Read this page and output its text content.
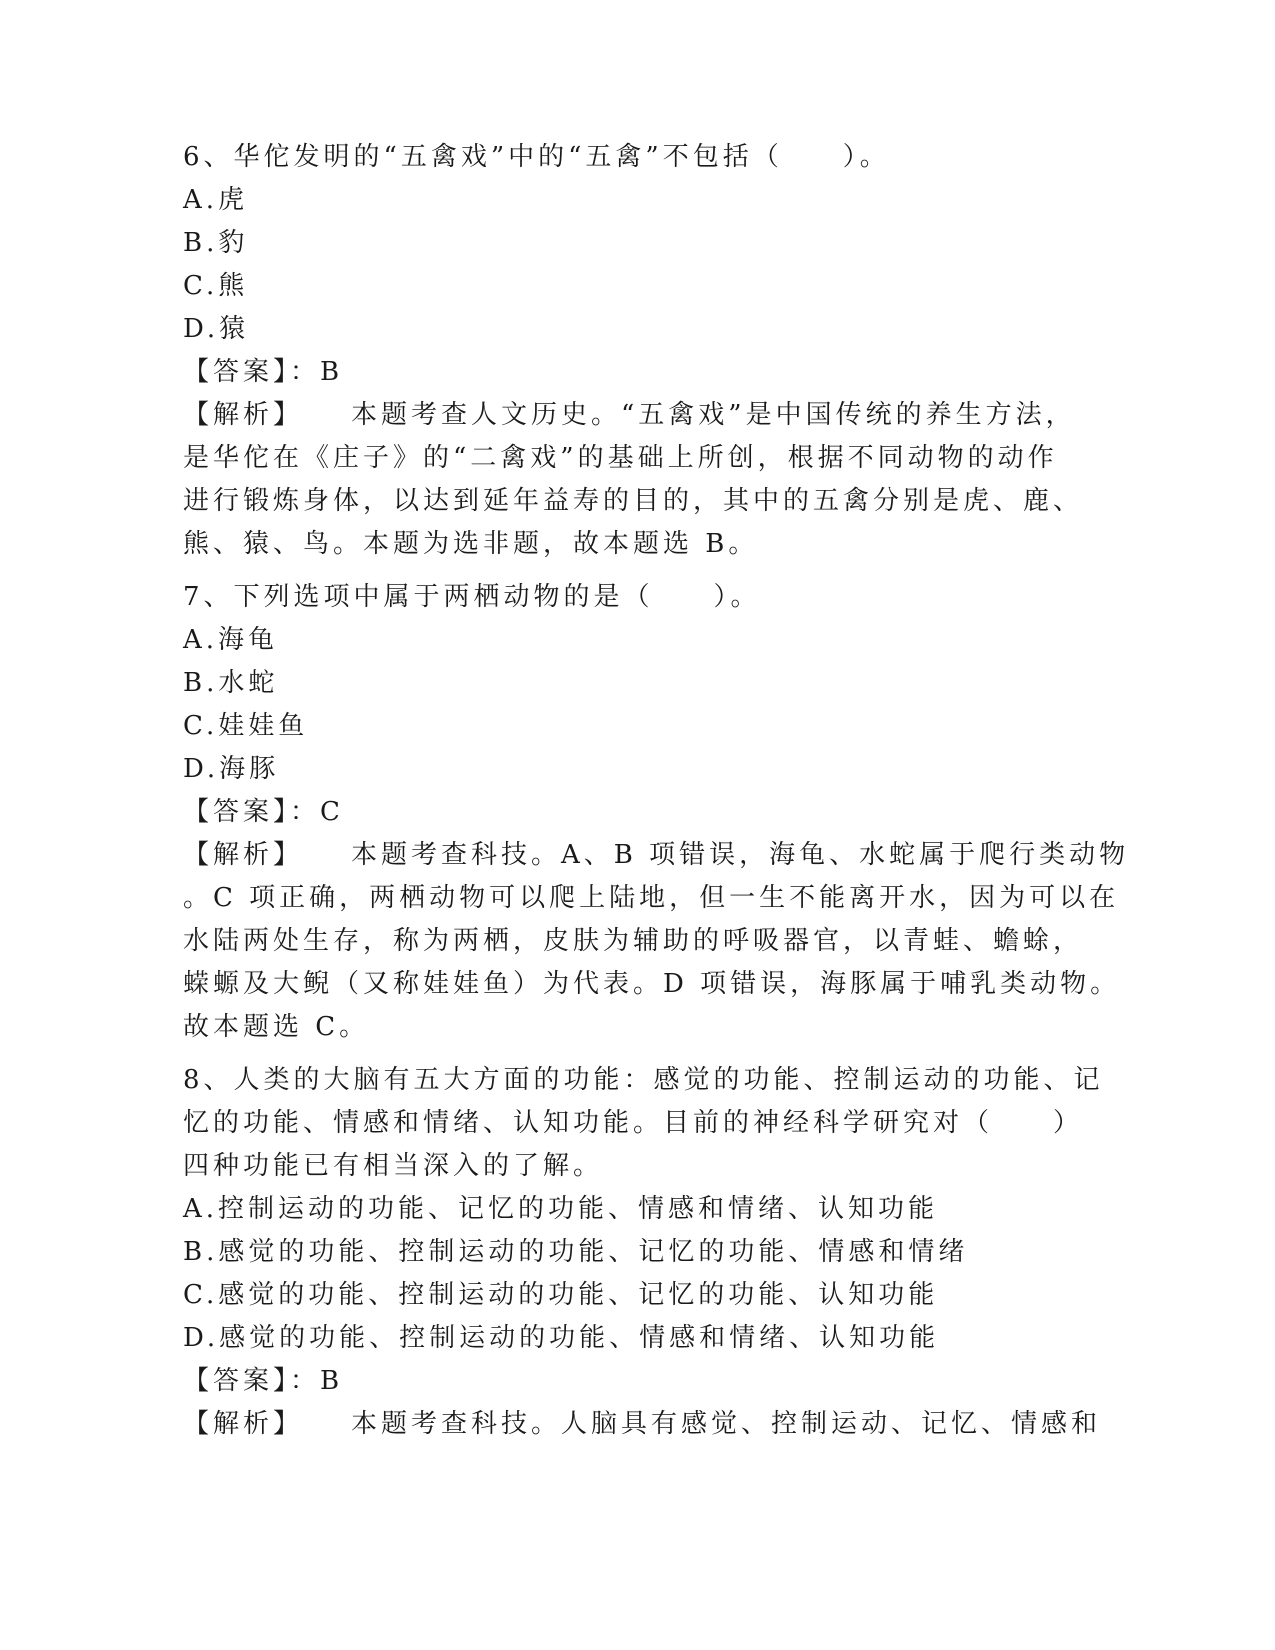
6、华佗发明的“五禽戏”中的“五禽”不包括（　　）。
A.虎
B.豹
C.熊
D.猿
【答案】：B
【解析】 本题考查人文历史。“五禽戏”是中国传统的养生方法，
是华佗在《庄子》的“二禽戏”的基础上所创，根据不同动物的动作
进行锻炼身体，以达到延年益寿的目的，其中的五禽分别是虎、鹿、
熊、猿、鸟。本题为选非题，故本题选 B。
7、下列选项中属于两栖动物的是（　　）。
A.海龟
B.水蛇
C.娃娃鱼
D.海豚
【答案】：C
【解析】 本题考查科技。A、B 项错误，海龟、水蛇属于爬行类动物
。C 项正确，两栖动物可以爬上陆地，但一生不能离开水，因为可以在
水陆两处生存，称为两栖，皮肤为辅助的呼吸器官，以青蛙、蟾蜍，
蝾螈及大鲵（又称娃娃鱼）为代表。D 项错误，海豚属于哺乳类动物。
故本题选 C。
8、人类的大脑有五大方面的功能：感觉的功能、控制运动的功能、记
忆的功能、情感和情绪、认知功能。目前的神经科学研究对（　　）
四种功能已有相当深入的了解。
A.控制运动的功能、记忆的功能、情感和情绪、认知功能
B.感觉的功能、控制运动的功能、记忆的功能、情感和情绪
C.感觉的功能、控制运动的功能、记忆的功能、认知功能
D.感觉的功能、控制运动的功能、情感和情绪、认知功能
【答案】：B
【解析】 本题考查科技。人脑具有感觉、控制运动、记忆、情感和
